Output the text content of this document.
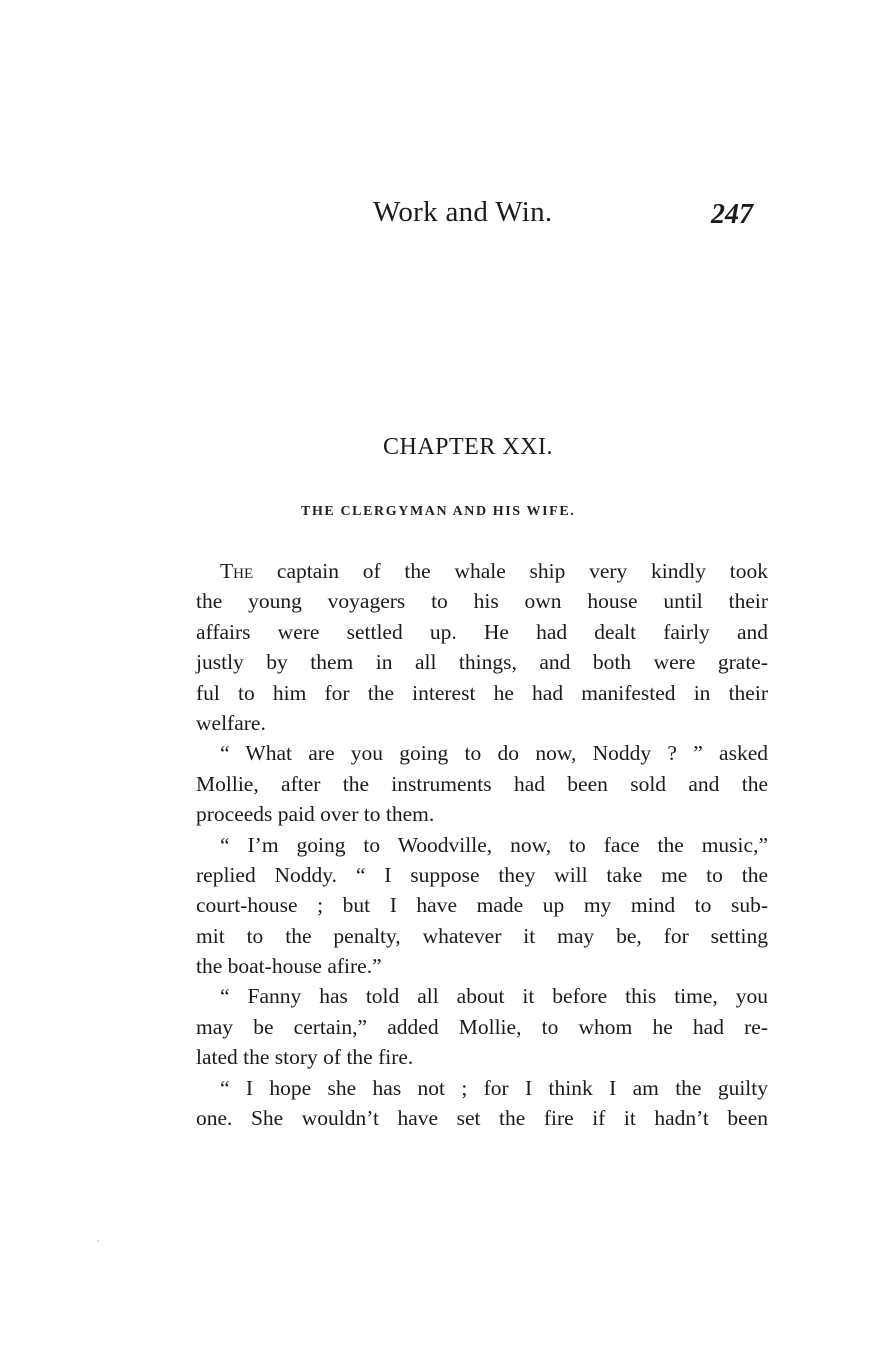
Work and Win.	247
CHAPTER XXI.
THE CLERGYMAN AND HIS WIFE.
The captain of the whale ship very kindly took
the young voyagers to his own house until their
affairs were settled up. He had dealt fairly and
justly by them in all things, and both were grate-
ful to him for the interest he had manifested in their
welfare.
“ What are you going to do now, Noddy ? ” asked
Mollie, after the instruments had been sold and the
proceeds paid over to them.
“ I’m going to Woodville, now, to face the music,”
replied Noddy. “ I suppose they will take me to the
court-house ; but I have made up my mind to sub-
mit to the penalty, whatever it may be, for setting
the boat-house afire.”
“ Fanny has told all about it before this time, you
may be certain,” added Mollie, to whom he had re-
lated the story of the fire.
“ I hope she has not ; for I think I am the guilty
one. She wouldn’t have set the fire if it hadn’t been
